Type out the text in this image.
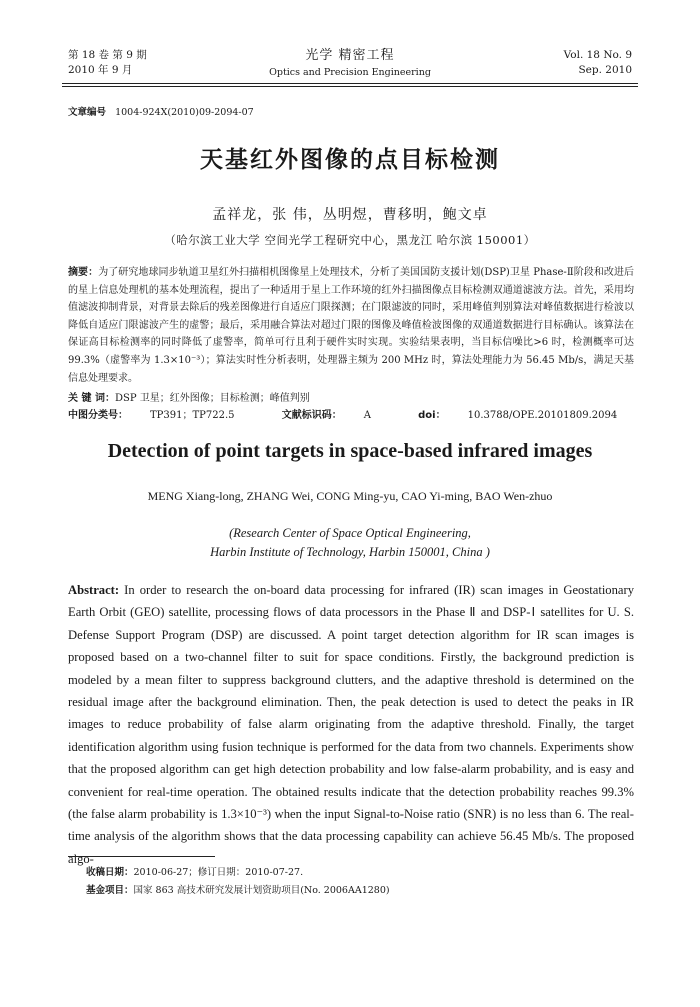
第 18 卷 第 9 期
2010 年 9 月
光学 精密工程
Optics and Precision Engineering
Vol. 18 No. 9
Sep. 2010
文章编号 1004-924X(2010)09-2094-07
天基红外图像的点目标检测
孟祥龙，张 伟，丛明煜，曹移明，鲍文卓
（哈尔滨工业大学 空间光学工程研究中心，黑龙江 哈尔滨 150001）
摘要：为了研究地球同步轨道卫星红外扫描相机图像星上处理技术，分析了美国国防支援计划(DSP)卫星 Phase-Ⅱ阶段和改进后的星上信息处理机的基本处理流程，提出了一种适用于星上工作环境的红外扫描图像点目标检测双通道滤波方法。首先，采用均值滤波抑制背景，对背景去除后的残差图像进行自适应门限探测；在门限滤波的同时，采用峰值判别算法对峰值数据进行检波以降低自适应门限滤波产生的虚警；最后，采用融合算法对超过门限的图像及峰值检波图像的双通道数据进行目标确认。该算法在保证高目标检测率的同时降低了虚警率，简单可行且利于硬件实时实现。实验结果表明，当目标信噪比>6 时，检测概率可达 99.3%（虚警率为 1.3×10⁻³）；算法实时性分析表明，处理器主频为 200 MHz 时，算法处理能力为 56.45 Mb/s，满足天基信息处理要求。
关 键 词：DSP 卫星；红外图像；目标检测；峰值判别
中图分类号： TP391；TP722.5	文献标识码： A	doi： 10.3788/OPE.20101809.2094
Detection of point targets in space-based infrared images
MENG Xiang-long, ZHANG Wei, CONG Ming-yu, CAO Yi-ming, BAO Wen-zhuo
(Research Center of Space Optical Engineering,
Harbin Institute of Technology, Harbin 150001, China )
Abstract: In order to research the on-board data processing for infrared (IR) scan images in Geostationary Earth Orbit (GEO) satellite, processing flows of data processors in the Phase Ⅱ and DSP-Ⅰ satellites for U. S. Defense Support Program (DSP) are discussed. A point target detection algorithm for IR scan images is proposed based on a two-channel filter to suit for space conditions. Firstly, the background prediction is modeled by a mean filter to suppress background clutters, and the adaptive threshold is determined on the residual image after the background elimination. Then, the peak detection is used to detect the peaks in IR images to reduce probability of false alarm originating from the adaptive threshold. Finally, the target identification algorithm using fusion technique is performed for the data from two channels. Experiments show that the proposed algorithm can get high detection probability and low false-alarm probability, and is easy and convenient for real-time operation. The obtained results indicate that the detection probability reaches 99.3% (the false alarm probability is 1.3×10⁻³) when the input Signal-to-Noise ratio (SNR) is no less than 6. The real-time analysis of the algorithm shows that the data processing capability can achieve 56.45 Mb/s. The proposed algo-
收稿日期：2010-06-27；修订日期：2010-07-27.
基金项目：国家 863 高技术研究发展计划资助项目(No. 2006AA1280)
